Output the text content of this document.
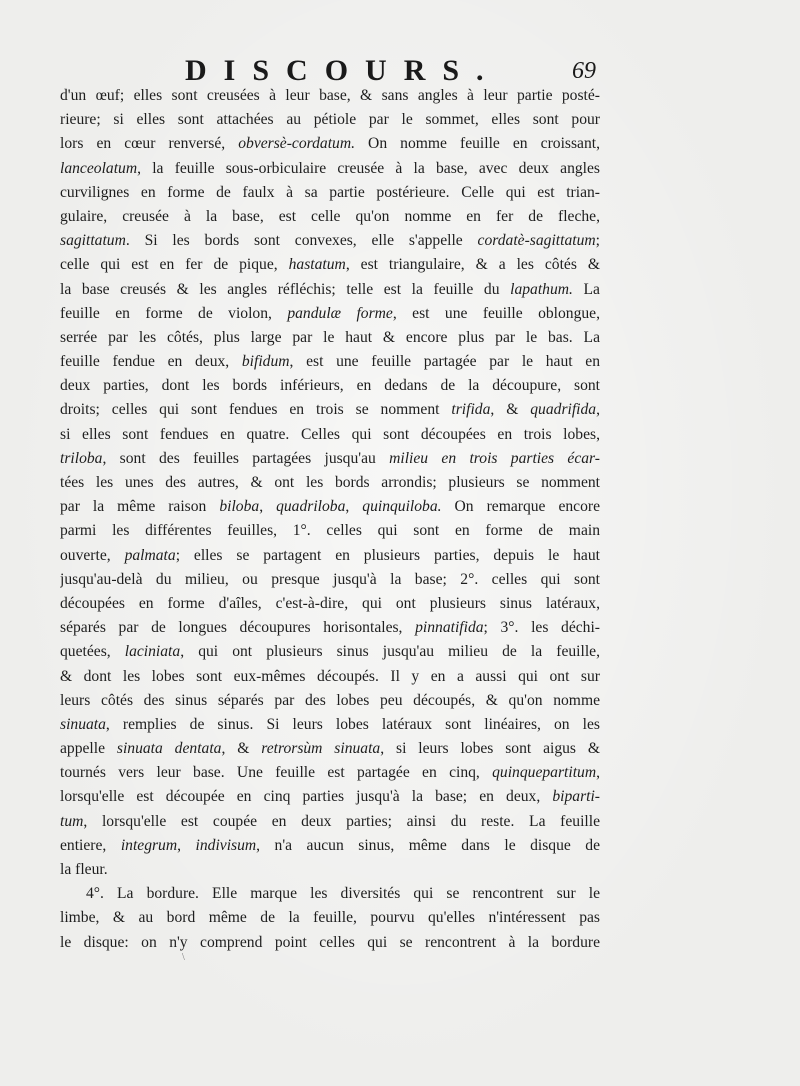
DISCOURS.	69
d'un œuf; elles sont creusées à leur base, & sans angles à leur partie posté-
rieure; si elles sont attachées au pétiole par le sommet, elles sont pour
lors en cœur renversé, obversè-cordatum. On nomme feuille en croissant,
lanceolatum, la feuille sous-orbiculaire creusée à la base, avec deux angles
curvilignes en forme de faulx à sa partie postérieure. Celle qui est trian-
gulaire, creusée à la base, est celle qu'on nomme en fer de fleche,
sagittatum. Si les bords sont convexes, elle s'appelle cordatè-sagittatum;
celle qui est en fer de pique, hastatum, est triangulaire, & a les côtés &
la base creusés & les angles réfléchis; telle est la feuille du lapathum. La
feuille en forme de violon, pandulæ forme, est une feuille oblongue,
serrée par les côtés, plus large par le haut & encore plus par le bas. La
feuille fendue en deux, bifidum, est une feuille partagée par le haut en
deux parties, dont les bords inférieurs, en dedans de la découpure, sont
droits; celles qui sont fendues en trois se nomment trifida, & quadrifida,
si elles sont fendues en quatre. Celles qui sont découpées en trois lobes,
triloba, sont des feuilles partagées jusqu'au milieu en trois parties écar-
tées les unes des autres, & ont les bords arrondis; plusieurs se nomment
par la même raison biloba, quadriloba, quinquiloba. On remarque encore
parmi les différentes feuilles, 1°. celles qui sont en forme de main
ouverte, palmata; elles se partagent en plusieurs parties, depuis le haut
jusqu'au-delà du milieu, ou presque jusqu'à la base; 2°. celles qui sont
découpées en forme d'aîles, c'est-à-dire, qui ont plusieurs sinus latéraux,
séparés par de longues découpures horisontales, pinnatifida; 3°. les déchi-
quetées, laciniata, qui ont plusieurs sinus jusqu'au milieu de la feuille,
& dont les lobes sont eux-mêmes découpés. Il y en a aussi qui ont sur
leurs côtés des sinus séparés par des lobes peu découpés, & qu'on nomme
sinuata, remplies de sinus. Si leurs lobes latéraux sont linéaires, on les
appelle sinuata dentata, & retrorsùm sinuata, si leurs lobes sont aigus &
tournés vers leur base. Une feuille est partagée en cinq, quinquepartitum,
lorsqu'elle est découpée en cinq parties jusqu'à la base; en deux, biparti-
tum, lorsqu'elle est coupée en deux parties; ainsi du reste. La feuille
entiere, integrum, indivisum, n'a aucun sinus, même dans le disque de
la fleur.
4°. La bordure. Elle marque les diversités qui se rencontrent sur le
limbe, & au bord même de la feuille, pourvu qu'elles n'intéressent pas
le disque: on n'y comprend point celles qui se rencontrent à la bordure
\
